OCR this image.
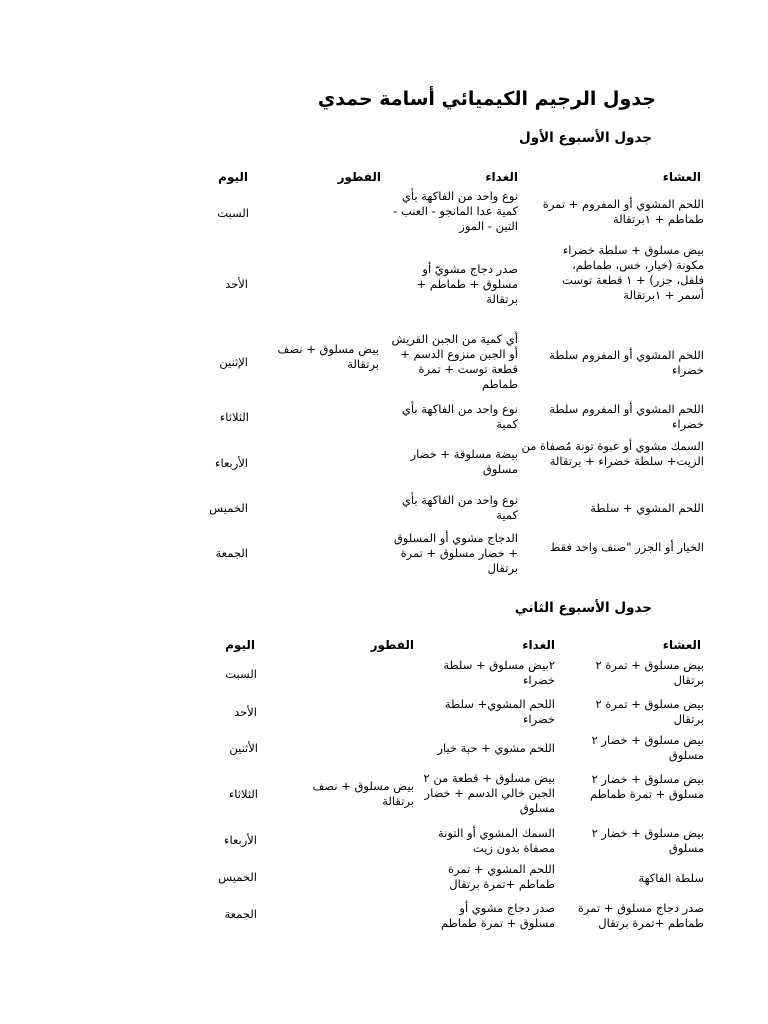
جدول الرجيم الكيميائي أسامة حمدي
جدول الأسبوع الأول
العشاء
الغداء
الفطور
اليوم
اللحم المشوي أو المفروم + تمرة طماطم + ١برتقالة
نوع واحد من الفاكهة بأي كمية عدا المانجو - العنب - التين - الموز
السبت
بيض مسلوق + سلطة خضراء مكونة (خيار، خس، طماطم، فلفل، جزر) + ١ قطعة توست أسمر + ١برتقالة
صدر دجاج مشويّ أو مسلوق + طماطم + برتقالة
الأحد
اللحم المشوي أو المفروم سلطة خضراء
أي كمية من الجبن القريش أو الجبن منزوع الدسم + قطعة توست + تمرة طماطم
بيض مسلوق + نصف برتقالة
الإثنين
اللحم المشوي أو المفروم سلطة خضراء
نوع واحد من الفاكهة بأي كمية
الثلاثاء
السمك مشوي أو عبوة تونة مُصفاة من الزيت+ سلطة خضراء + برتقالة
بيضة مسلوقة + خضار مسلوق
الأربعاء
اللحم المشوي + سلطة
نوع واحد من الفاكهة بأي كمية
الخميس
الخيار أو الجزر "صنف واحد فقط
الدجاج مشوي أو المسلوق + خضار مسلوق + تمرة برتقال
الجمعة
جدول الأسبوع الثاني
العشاء
الغداء
الفطور
اليوم
بيض مسلوق + تمرة ٢ برتقال
٢بيض مسلوق + سلطة خضراء
السبت
بيض مسلوق + تمرة ٢ برتقال
اللحم المشوي+ سلطة خضراء
الأحد
بيض مسلوق + خضار ٢ مسلوق
اللحم مشوي + حبة خيار
الأثنين
بيض مسلوق + خضار ٢ مسلوق + تمرة طماطم
بيض مسلوق + قطعة من ٢ الجبن خالي الدسم + خضار مسلوق
بيض مسلوق + نصف برتقالة
الثلاثاء
بيض مسلوق + خضار ٢ مسلوق
السمك المشوي أو التونة مصفاة بدون زيت
الأربعاء
سلطة الفاكهة
اللحم المشوي + تمرة طماطم +تمرة برتقال
الخميس
صدر دجاج مسلوق + تمرة طماطم +تمرة برتقال
صدر دجاج مشوي أو مسلوق + تمرة طماطم
الجمعة
